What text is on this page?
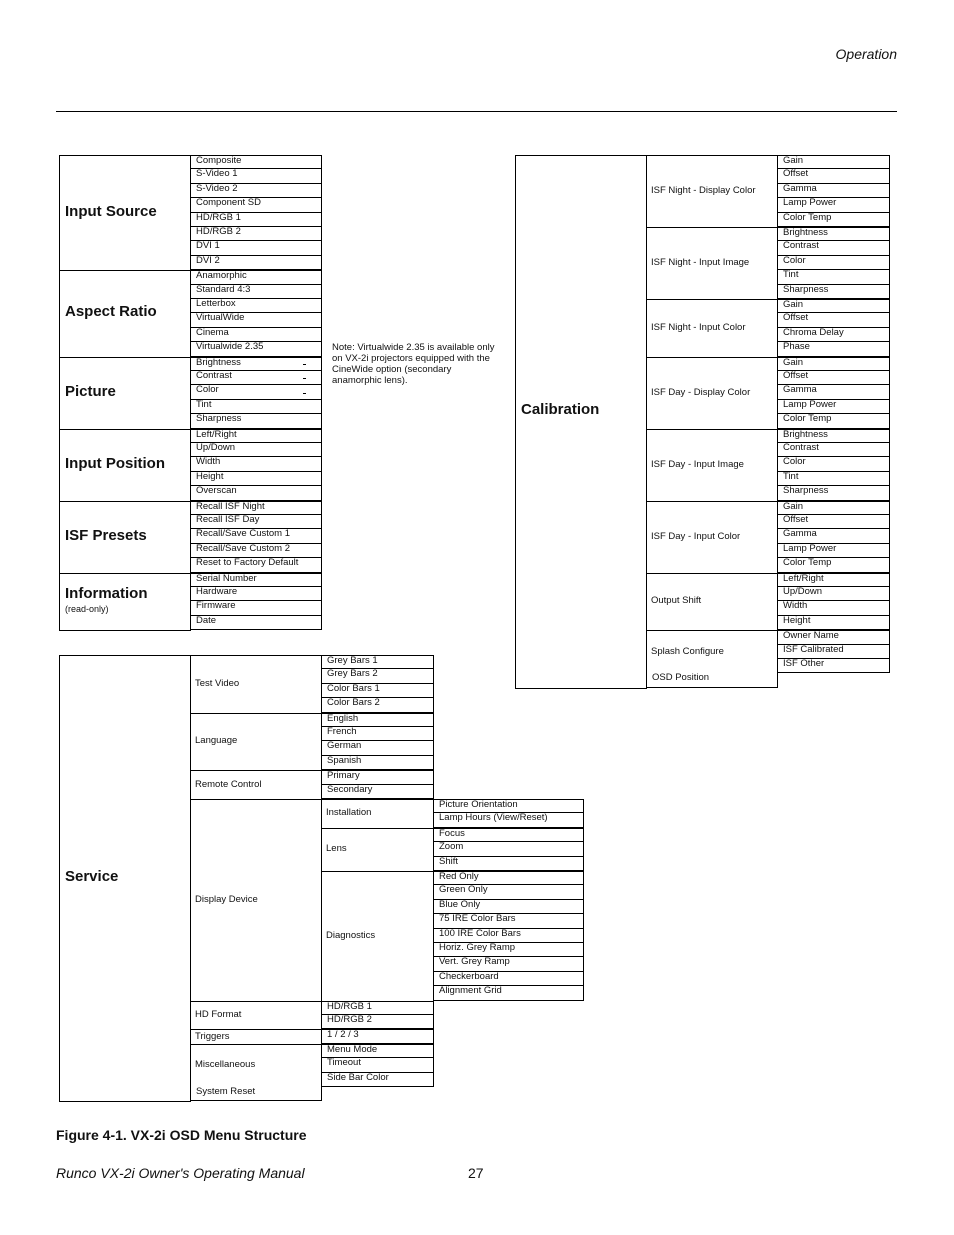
Operation
Input Source
Composite
S-Video 1
S-Video 2
Component SD
HD/RGB 1
HD/RGB 2
DVI 1
DVI 2
Aspect Ratio
Anamorphic
Standard 4:3
Letterbox
VirtualWide
Cinema
Virtualwide 2.35
Picture
Brightness
Contrast
Color
Tint
Sharpness
Input Position
Left/Right
Up/Down
Width
Height
Overscan
ISF Presets
Recall ISF Night
Recall ISF Day
Recall/Save Custom 1
Recall/Save Custom 2
Reset to Factory Default
Information
(read-only)
Serial Number
Hardware
Firmware
Date
Note: Virtualwide 2.35 is available only on VX-2i projectors equipped with the CineWide option (secondary anamorphic lens).
Calibration
ISF Night - Display Color
Gain
Offset
Gamma
Lamp Power
Color Temp
ISF Night - Input Image
Brightness
Contrast
Color
Tint
Sharpness
ISF Night - Input Color
Gain
Offset
Chroma Delay
Phase
ISF Day - Display Color
Gain
Offset
Gamma
Lamp Power
Color Temp
ISF Day - Input Image
Brightness
Contrast
Color
Tint
Sharpness
ISF Day - Input Color
Gain
Offset
Gamma
Lamp Power
Color Temp
Output Shift
Left/Right
Up/Down
Width
Height
Splash Configure
Owner Name
ISF Calibrated
ISF Other
OSD Position
Test Video
Grey Bars 1
Grey Bars 2
Color Bars 1
Color Bars 2
Language
English
French
German
Spanish
Remote Control
Primary
Secondary
Display Device
Installation
Picture Orientation
Lamp Hours (View/Reset)
Lens
Focus
Zoom
Shift
Diagnostics
Red Only
Green Only
Blue Only
75 IRE Color Bars
100 IRE Color Bars
Horiz. Grey Ramp
Vert. Grey Ramp
Checkerboard
Alignment Grid
HD Format
HD/RGB 1
HD/RGB 2
Triggers	1 / 2 / 3
Miscellaneous
Menu Mode
Timeout
Side Bar Color
System Reset
Service
Figure 4-1. VX-2i OSD Menu Structure
Runco VX-2i Owner's Operating Manual	27
